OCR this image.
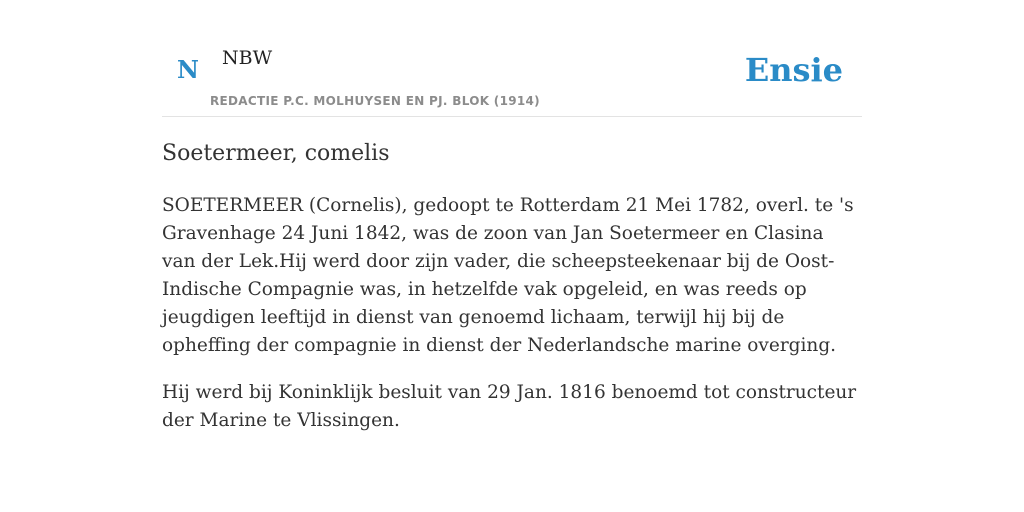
N NBW
REDACTIE P.C. MOLHUYSEN EN PJ. BLOK (1914)
Ensie
Soetermeer, comelis

SOETERMEER (Cornelis), gedoopt te Rotterdam 21 Mei 1782, overl. te 's Gravenhage 24 Juni 1842, was de zoon van Jan Soetermeer en Clasina van der Lek.Hij werd door zijn vader, die scheepsteekenaar bij de Oost-Indische Compagnie was, in hetzelfde vak opgeleid, en was reeds op jeugdigen leeftijd in dienst van genoemd lichaam, terwijl hij bij de opheffing der compagnie in dienst der Nederlandsche marine overging.

Hij werd bij Koninklijk besluit van 29 Jan. 1816 benoemd tot constructeur der Marine te Vlissingen.
